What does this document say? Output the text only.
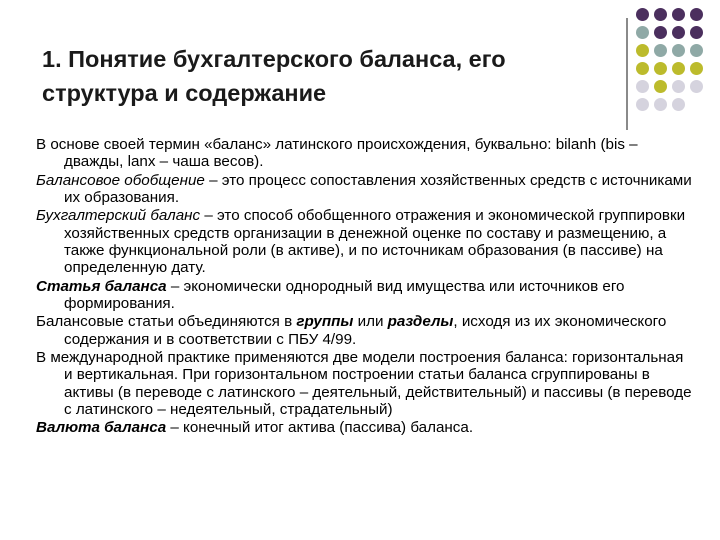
1. Понятие бухгалтерского баланса, его структура и содержание

В основе своей термин «баланс» латинского происхождения, буквально: bilanh (bis – дважды, lanx – чаша весов).

Балансовое обобщение – это процесс сопоставления хозяйственных средств с источниками их образования.

Бухгалтерский баланс – это способ обобщенного отражения и экономической группировки хозяйственных средств организации в денежной оценке по составу и размещению, а также функциональной роли (в активе), и по источникам образования (в пассиве) на определенную дату.

Статья баланса – экономически однородный вид имущества или источников его формирования.

Балансовые статьи объединяются в группы или разделы, исходя из их экономического содержания и в соответствии с ПБУ 4/99.

В международной практике применяются две модели построения баланса: горизонтальная и вертикальная. При горизонтальном построении статьи баланса сгруппированы в активы (в переводе с латинского – деятельный, действительный) и пассивы (в переводе с латинского – недеятельный, страдательный)

Валюта баланса – конечный итог актива (пассива) баланса.
